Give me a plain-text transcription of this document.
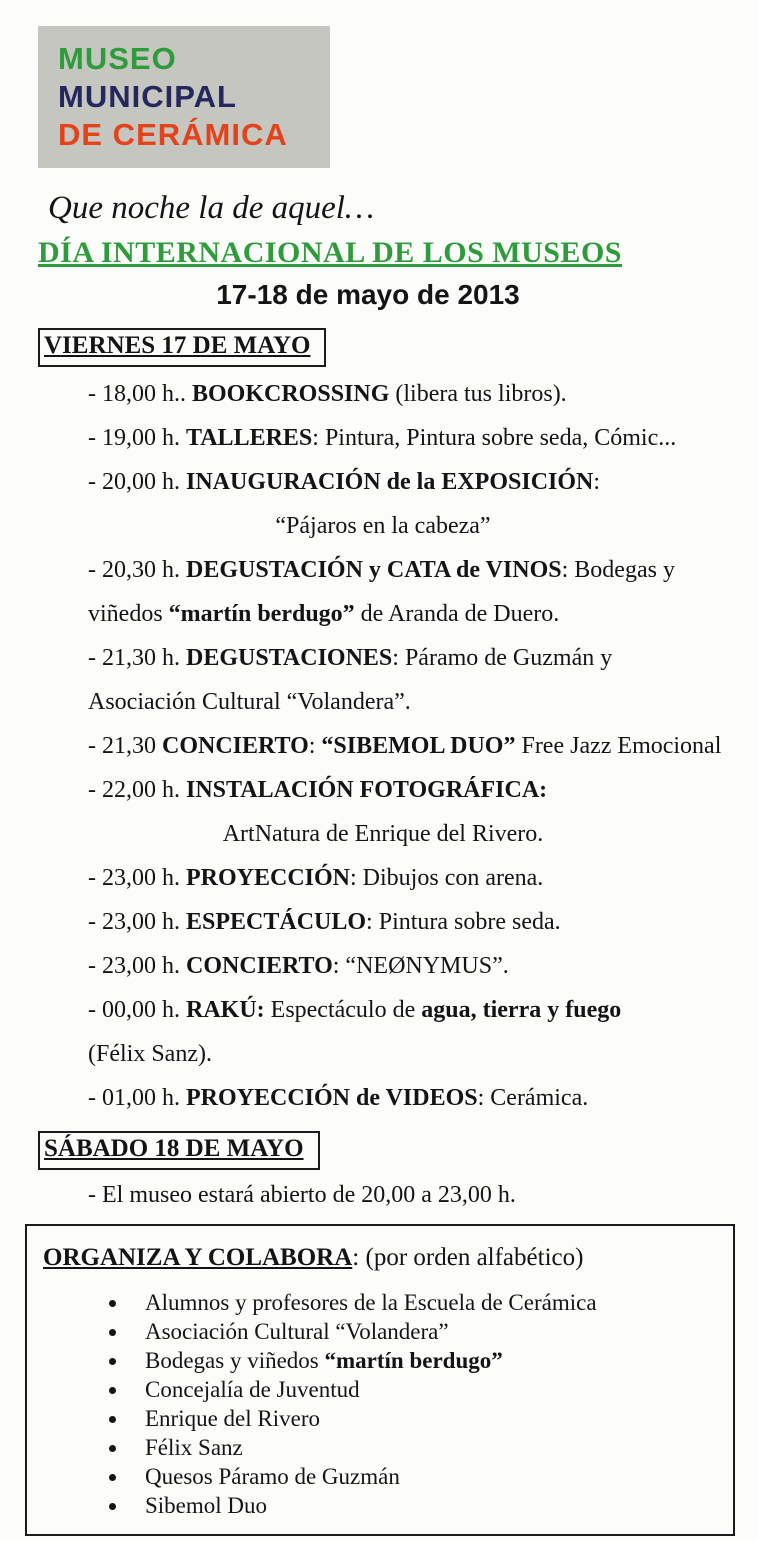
MUSEO
MUNICIPAL
DE CERÁMICA
Que noche la de aquel…
DÍA INTERNACIONAL DE LOS MUSEOS
17-18 de mayo de 2013
VIERNES 17 DE MAYO
- 18,00 h.. BOOKCROSSING (libera tus libros).
- 19,00 h. TALLERES: Pintura, Pintura sobre seda, Cómic...
- 20,00 h. INAUGURACIÓN de la EXPOSICIÓN:
“Pájaros en la cabeza”
- 20,30 h. DEGUSTACIÓN y CATA de VINOS: Bodegas y
viñedos “martín berdugo” de Aranda de Duero.
- 21,30 h. DEGUSTACIONES: Páramo de Guzmán y
Asociación Cultural “Volandera”.
- 21,30 CONCIERTO: “SIBEMOL DUO” Free Jazz Emocional
- 22,00 h. INSTALACIÓN FOTOGRÁFICA:
ArtNatura de Enrique del Rivero.
- 23,00 h. PROYECCIÓN: Dibujos con arena.
- 23,00 h. ESPECTÁCULO: Pintura sobre seda.
- 23,00 h. CONCIERTO: “NEØNYMUS”.
- 00,00 h. RAKÚ: Espectáculo de agua, tierra y fuego
(Félix Sanz).
- 01,00 h. PROYECCIÓN de VIDEOS: Cerámica.
SÁBADO 18 DE MAYO
- El museo estará abierto de 20,00 a 23,00 h.
ORGANIZA Y COLABORA: (por orden alfabético)
• Alumnos y profesores de la Escuela de Cerámica
• Asociación Cultural “Volandera”
• Bodegas y viñedos “martín berdugo”
• Concejalía de Juventud
• Enrique del Rivero
• Félix Sanz
• Quesos Páramo de Guzmán
• Sibemol Duo
